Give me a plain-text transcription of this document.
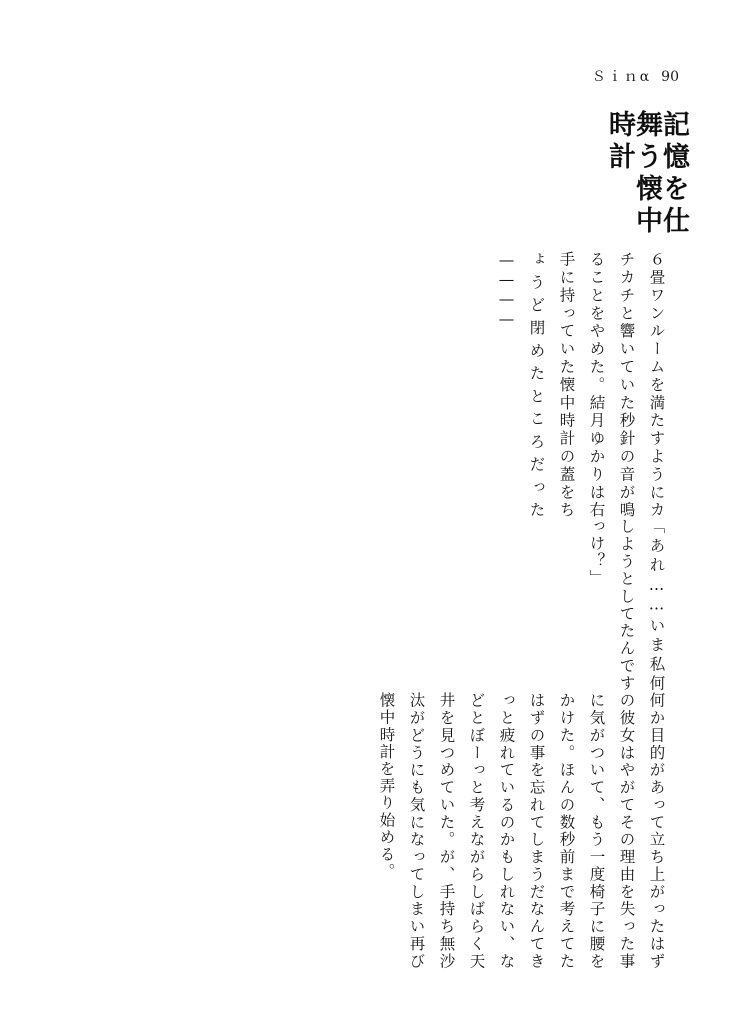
Ｓｉｎα 90
記憶を仕舞う懐中時計

６畳ワンルームを満たすようにカチカチと響いていた秒針の音が鳴ることをやめた。結月ゆかりは右手に持っていた懐中時計の蓋をちょうど閉めたところだった————

「あれ……いま私何しようとしてたんですっけ？」

何か目的があって立ち上がったはずの彼女はやがてその理由を失った事に気がついて、もう一度椅子に腰をかけた。ほんの数秒前まで考えてたはずの事を忘れてしまうだなんてきっと疲れているのかもしれない、などとぼーっと考えながらしばらく天井を見つめていた。が、手持ち無沙汰がどうにも気になってしまい再び懐中時計を弄り始める。
